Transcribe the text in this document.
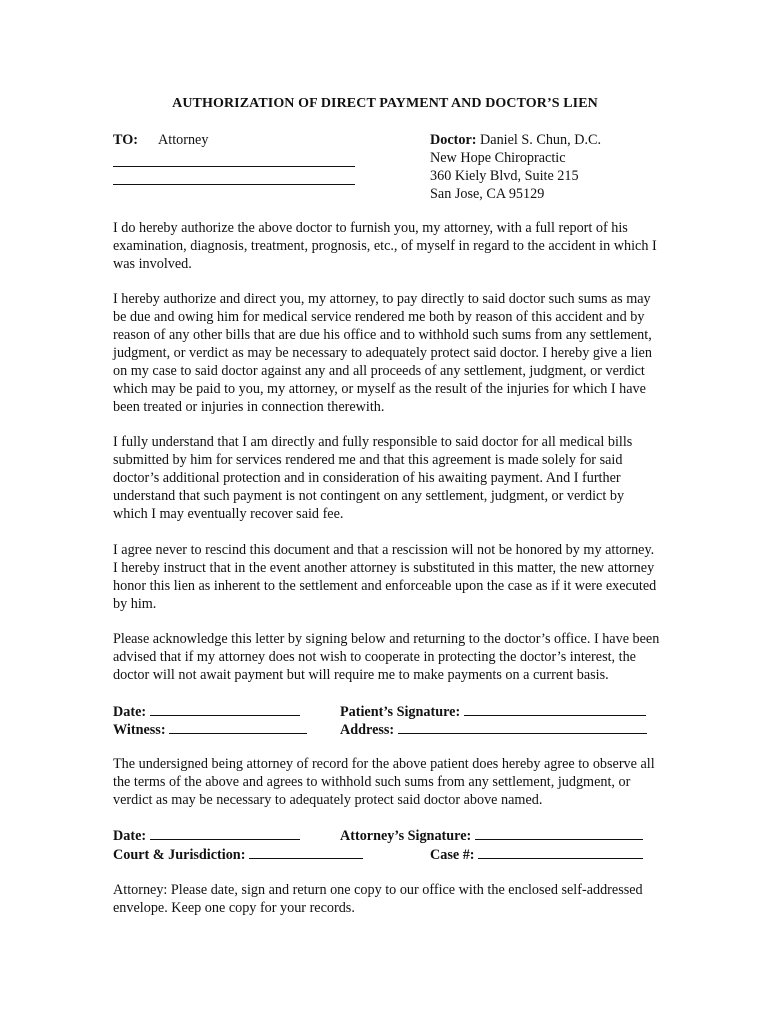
AUTHORIZATION OF DIRECT PAYMENT AND DOCTOR’S LIEN
TO: Attorney	Doctor: Daniel S. Chun, D.C.
New Hope Chiropractic
360 Kiely Blvd, Suite 215
San Jose, CA 95129

I do hereby authorize the above doctor to furnish you, my attorney, with a full report of his examination, diagnosis, treatment, prognosis, etc., of myself in regard to the accident in which I was involved.

I hereby authorize and direct you, my attorney, to pay directly to said doctor such sums as may be due and owing him for medical service rendered me both by reason of this accident and by reason of any other bills that are due his office and to withhold such sums from any settlement, judgment, or verdict as may be necessary to adequately protect said doctor. I hereby give a lien on my case to said doctor against any and all proceeds of any settlement, judgment, or verdict which may be paid to you, my attorney, or myself as the result of the injuries for which I have been treated or injuries in connection therewith.

I fully understand that I am directly and fully responsible to said doctor for all medical bills submitted by him for services rendered me and that this agreement is made solely for said doctor’s additional protection and in consideration of his awaiting payment. And I further understand that such payment is not contingent on any settlement, judgment, or verdict by which I may eventually recover said fee.

I agree never to rescind this document and that a rescission will not be honored by my attorney. I hereby instruct that in the event another attorney is substituted in this matter, the new attorney honor this lien as inherent to the settlement and enforceable upon the case as if it were executed by him.

Please acknowledge this letter by signing below and returning to the doctor’s office. I have been advised that if my attorney does not wish to cooperate in protecting the doctor’s interest, the doctor will not await payment but will require me to make payments on a current basis.

Date:	Patient’s Signature:
Witness:	Address:

The undersigned being attorney of record for the above patient does hereby agree to observe all the terms of the above and agrees to withhold such sums from any settlement, judgment, or verdict as may be necessary to adequately protect said doctor above named.

Date:	Attorney’s Signature:
Court & Jurisdiction:	Case #:

Attorney: Please date, sign and return one copy to our office with the enclosed self-addressed envelope. Keep one copy for your records.
